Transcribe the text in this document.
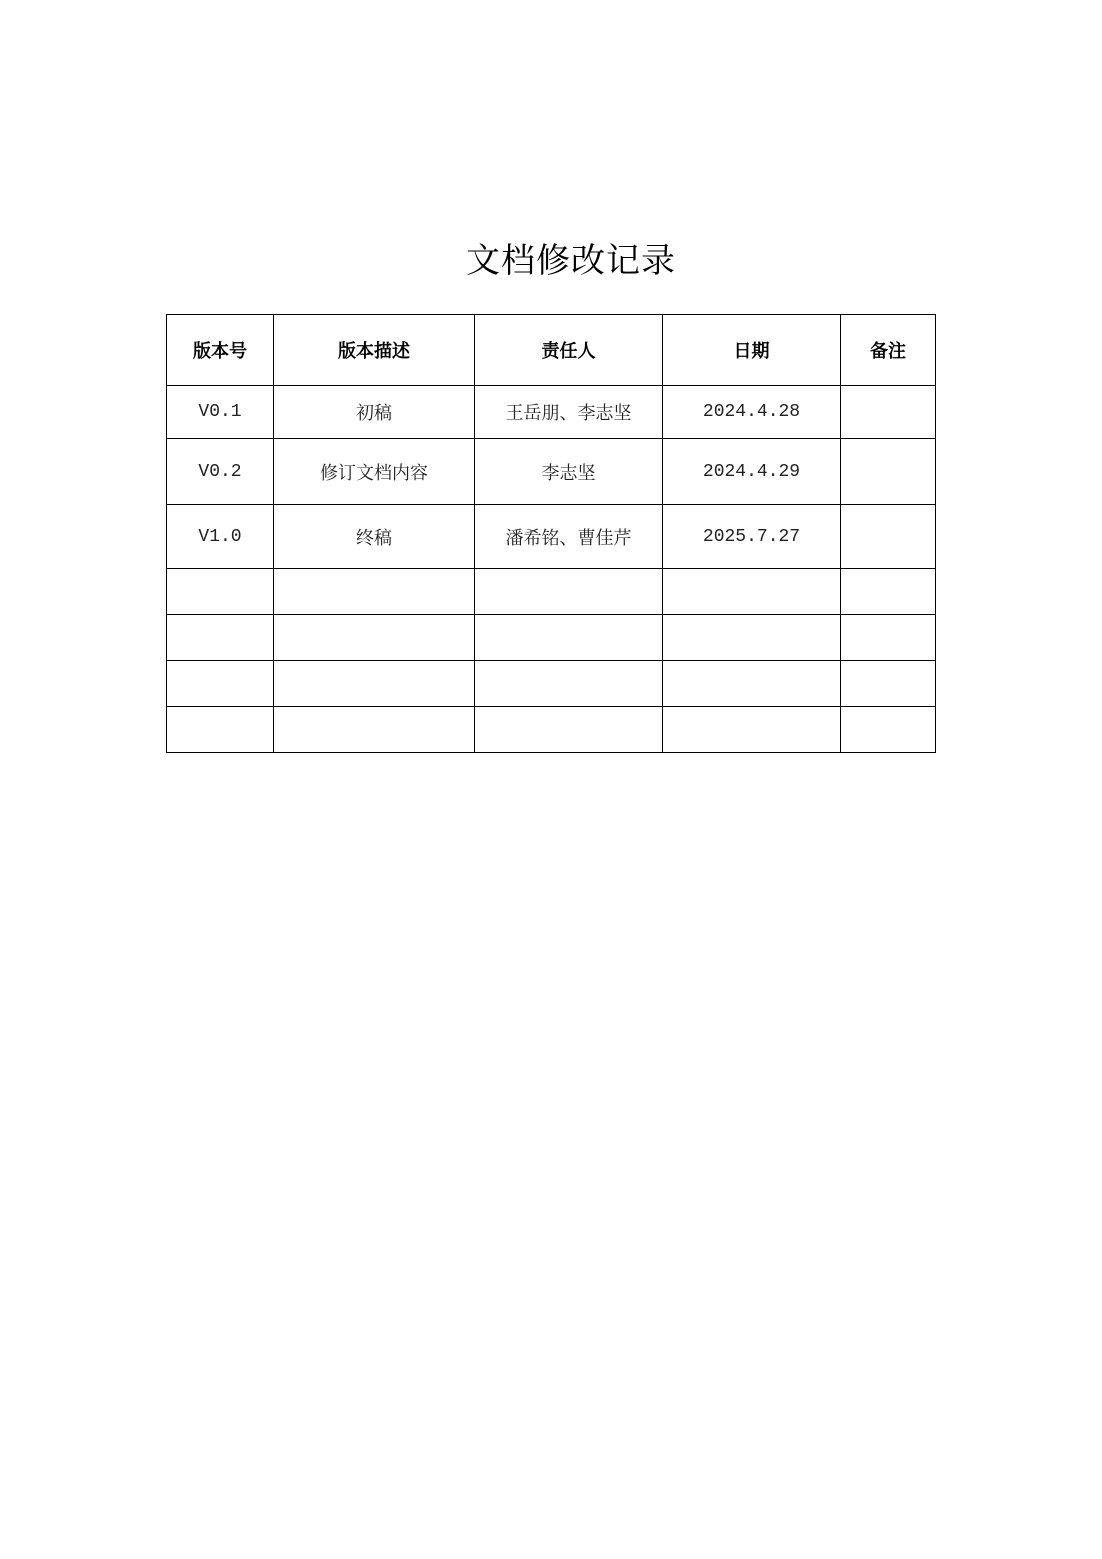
文档修改记录
版本号	版本描述	责任人	日期	备注
V0.1	初稿	王岳朋、李志坚	2024.4.28	
V0.2	修订文档内容	李志坚	2024.4.29	
V1.0	终稿	潘希铭、曹佳芹	2025.7.27	
